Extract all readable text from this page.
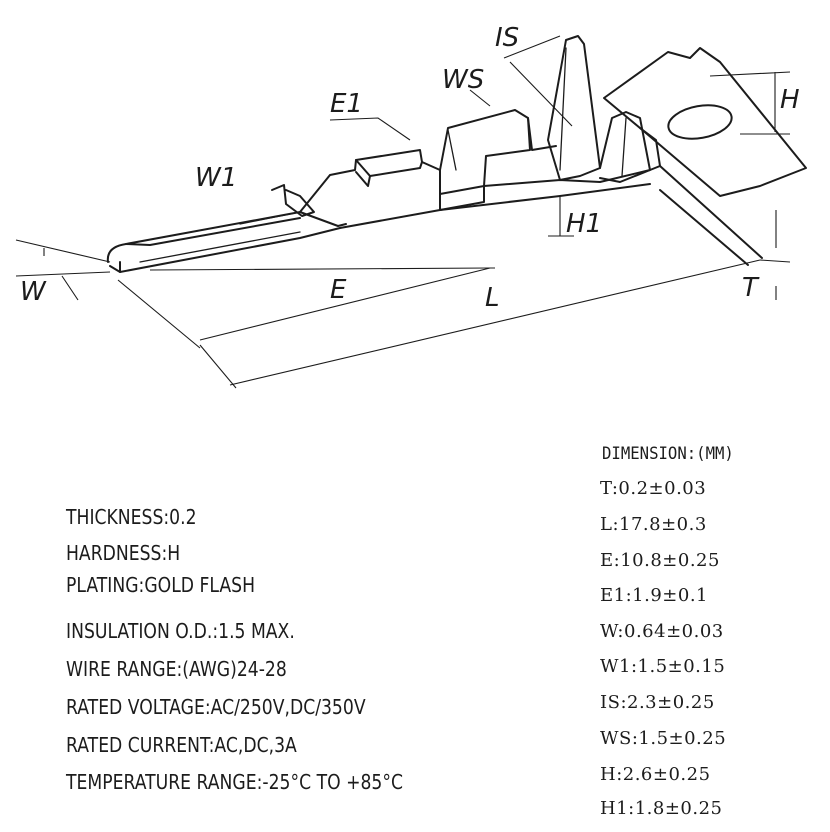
IS
WS
E1
W1
W	E	L
H
H1
T
THICKNESS:0.2
HARDNESS:H
PLATING:GOLD FLASH
INSULATION O.D.:1.5 MAX.
WIRE RANGE:(AWG)24-28
RATED VOLTAGE:AC/250V,DC/350V
RATED CURRENT:AC,DC,3A
TEMPERATURE RANGE:-25°C TO +85°C
DIMENSION:(MM)
T:0.2±0.03
L:17.8±0.3
E:10.8±0.25
E1:1.9±0.1
W:0.64±0.03
W1:1.5±0.15
IS:2.3±0.25
WS:1.5±0.25
H:2.6±0.25
H1:1.8±0.25
